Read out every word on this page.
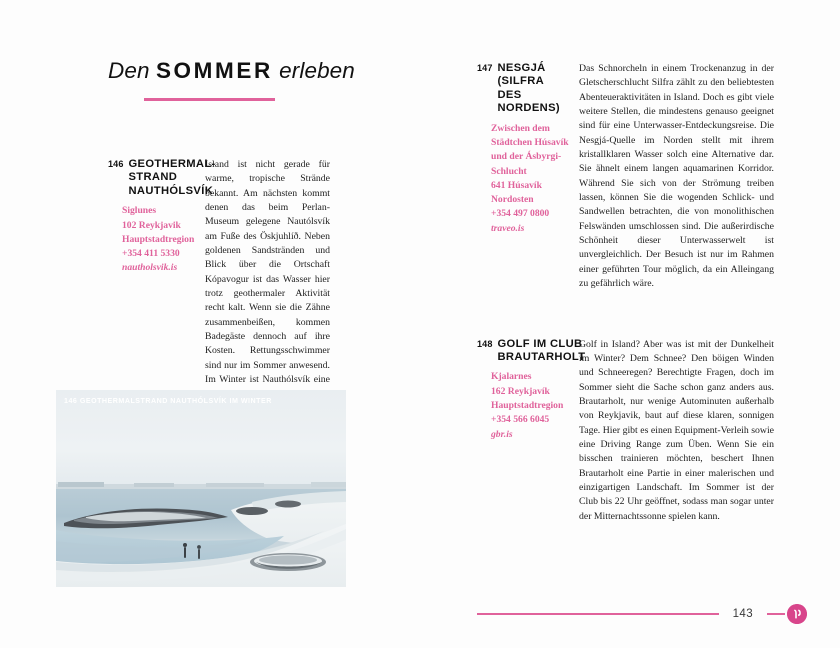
Den SOMMER erleben
146 GEOTHERMAL-
STRAND
NAUTHÓLSVÍK
Siglunes
102 Reykjavik
Hauptstadtregion
+354 411 5330
nautholsvik.is
Island ist nicht gerade für warme, tropische Strände bekannt. Am nächsten kommt denen das beim Perlan-Museum gelegene Nautólsvík am Fuße des Öskjuhlíð. Neben goldenen Sandstränden und Blick über die Ortschaft Kópavogur ist das Wasser hier trotz geothermaler Aktivität recht kalt. Wenn sie die Zähne zusammenbeißen, kommen Badegäste dennoch auf ihre Kosten. Rettungsschwimmer sind nur im Sommer anwesend. Im Winter ist Nauthólsvík eine
147 NESGJÁ (SILFRA
DES NORDENS)
Zwischen dem
Städtchen Húsavík
und der Ásbyrgi-
Schlucht
641 Húsavík
Nordosten
+354 497 0800
traveo.is
Das Schnorcheln in einem Trockenanzug in der Gletscherschlucht Silfra zählt zu den beliebtesten Abenteueraktivitäten in Island. Doch es gibt viele weitere Stellen, die mindestens genauso geeignet sind für eine Unterwasser-Entdeckungsreise. Die Nesgjá-Quelle im Norden stellt mit ihrem kristallklaren Wasser solch eine Alternative dar. Sie ähnelt einem langen aquamarinen Korridor. Während Sie sich von der Strömung treiben lassen, können Sie die wogenden Schlick- und Sandwellen betrachten, die von monolithischen Felswänden umschlossen sind. Die außerirdische Schönheit dieser Unterwasserwelt ist unvergleichlich. Der Besuch ist nur im Rahmen einer geführten Tour möglich, da ein Alleingang zu gefährlich wäre.
148 GOLF IM CLUB
BRAUTARHOLT
Kjalarnes
162 Reykjavík
Hauptstadtregion
+354 566 6045
gbr.is
Golf in Island? Aber was ist mit der Dunkelheit im Winter? Dem Schnee? Den böigen Winden und Schneeregen? Berechtigte Fragen, doch im Sommer sieht die Sache schon ganz anders aus. Brautarholt, nur wenige Autominuten außerhalb von Reykjavik, baut auf diese klaren, sonnigen Tage. Hier gibt es einen Equipment-Verleih sowie eine Driving Range zum Üben. Wenn Sie ein bisschen trainieren möchten, beschert Ihnen Brautarholt eine Partie in einer malerischen und einzigartigen Landschaft. Im Sommer ist der Club bis 22 Uhr geöffnet, sodass man sogar unter der Mitternachtssonne spielen kann.
146 GEOTHERMALSTRAND NAUTHÓLSVÍK IM WINTER
143
